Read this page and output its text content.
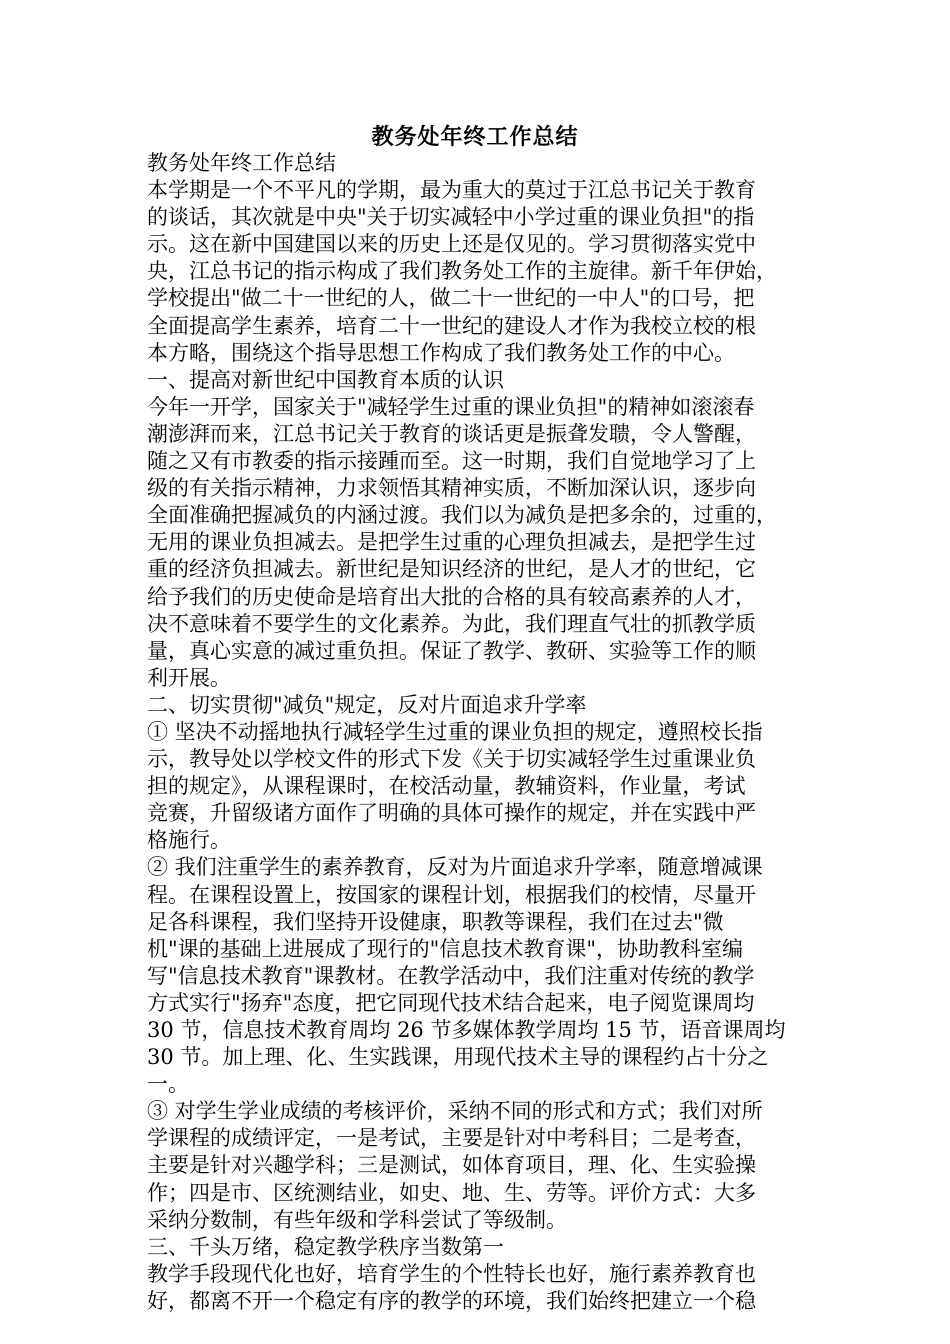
教务处年终工作总结
教务处年终工作总结
本学期是一个不平凡的学期，最为重大的莫过于江总书记关于教育
的谈话，其次就是中央"关于切实减轻中小学过重的课业负担"的指
示。这在新中国建国以来的历史上还是仅见的。学习贯彻落实党中
央，江总书记的指示构成了我们教务处工作的主旋律。新千年伊始，
学校提出"做二十一世纪的人，做二十一世纪的一中人"的口号，把
全面提高学生素养，培育二十一世纪的建设人才作为我校立校的根
本方略，围绕这个指导思想工作构成了我们教务处工作的中心。
一、提高对新世纪中国教育本质的认识
今年一开学，国家关于"减轻学生过重的课业负担"的精神如滚滚春
潮澎湃而来，江总书记关于教育的谈话更是振聋发聩，令人警醒，
随之又有市教委的指示接踵而至。这一时期，我们自觉地学习了上
级的有关指示精神，力求领悟其精神实质，不断加深认识，逐步向
全面准确把握减负的内涵过渡。我们以为减负是把多余的，过重的，
无用的课业负担减去。是把学生过重的心理负担减去，是把学生过
重的经济负担减去。新世纪是知识经济的世纪，是人才的世纪，它
给予我们的历史使命是培育出大批的合格的具有较高素养的人才，
决不意味着不要学生的文化素养。为此，我们理直气壮的抓教学质
量，真心实意的减过重负担。保证了教学、教研、实验等工作的顺
利开展。
二、切实贯彻"减负"规定，反对片面追求升学率
① 坚决不动摇地执行减轻学生过重的课业负担的规定，遵照校长指
示，教导处以学校文件的形式下发《关于切实减轻学生过重课业负
担的规定》，从课程课时，在校活动量，教辅资料，作业量，考试
竞赛，升留级诸方面作了明确的具体可操作的规定，并在实践中严
格施行。
② 我们注重学生的素养教育，反对为片面追求升学率，随意增减课
程。在课程设置上，按国家的课程计划，根据我们的校情，尽量开
足各科课程，我们坚持开设健康，职教等课程，我们在过去"微
机"课的基础上进展成了现行的"信息技术教育课"，协助教科室编
写"信息技术教育"课教材。在教学活动中，我们注重对传统的教学
方式实行"扬弃"态度，把它同现代技术结合起来，电子阅览课周均
30 节，信息技术教育周均 26 节多媒体教学周均 15 节，语音课周均
30 节。加上理、化、生实践课，用现代技术主导的课程约占十分之
一。
③ 对学生学业成绩的考核评价，采纳不同的形式和方式；我们对所
学课程的成绩评定，一是考试，主要是针对中考科目；二是考查，
主要是针对兴趣学科；三是测试，如体育项目，理、化、生实验操
作；四是市、区统测结业，如史、地、生、劳等。评价方式：大多
采纳分数制，有些年级和学科尝试了等级制。
三、千头万绪，稳定教学秩序当数第一
教学手段现代化也好，培育学生的个性特长也好，施行素养教育也
好，都离不开一个稳定有序的教学的环境，我们始终把建立一个稳
